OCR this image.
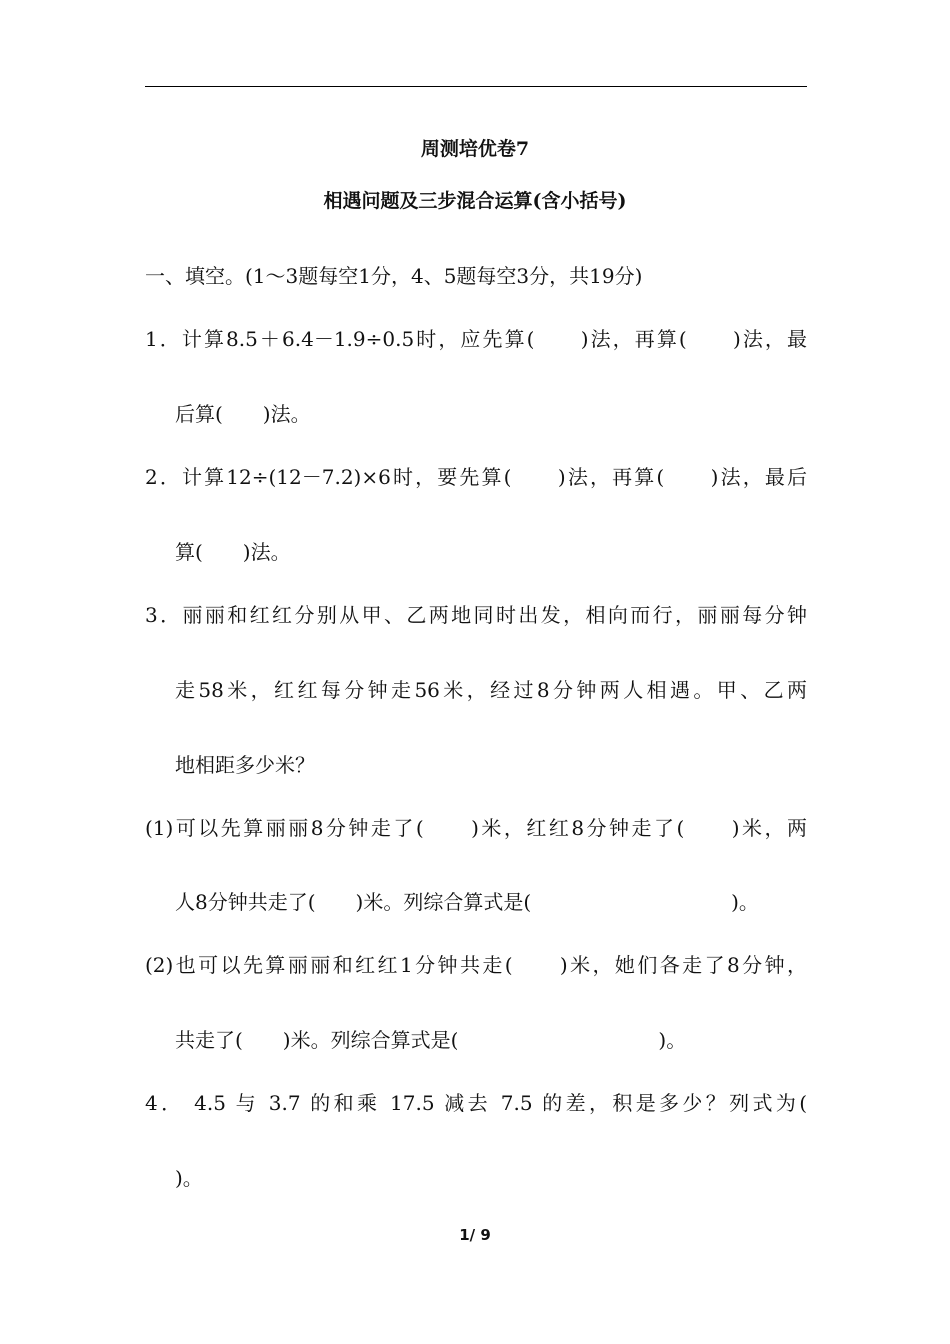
周测培优卷7
相遇问题及三步混合运算(含小括号)
一、填空。(1～3题每空1分，4、5题每空3分，共19分)
1．计算8.5＋6.4－1.9÷0.5时，应先算(　　)法，再算(　　)法，最
后算(　　)法。
2．计算12÷(12－7.2)×6时，要先算(　　)法，再算(　　)法，最后
算(　　)法。
3．丽丽和红红分别从甲、乙两地同时出发，相向而行，丽丽每分钟
走58米，红红每分钟走56米，经过8分钟两人相遇。甲、乙两
地相距多少米？
(1)可以先算丽丽8分钟走了(　　)米，红红8分钟走了(　　)米，两
人8分钟共走了(　　)米。列综合算式是(　　　　　　　　　　)。
(2)也可以先算丽丽和红红1分钟共走(　　)米，她们各走了8分钟，
共走了(　　)米。列综合算式是(　　　　　　　　　　)。
4． 4.5 与 3.7 的和乘 17.5 减去 7.5 的差，积是多少？列式为(
)。
1/ 9
